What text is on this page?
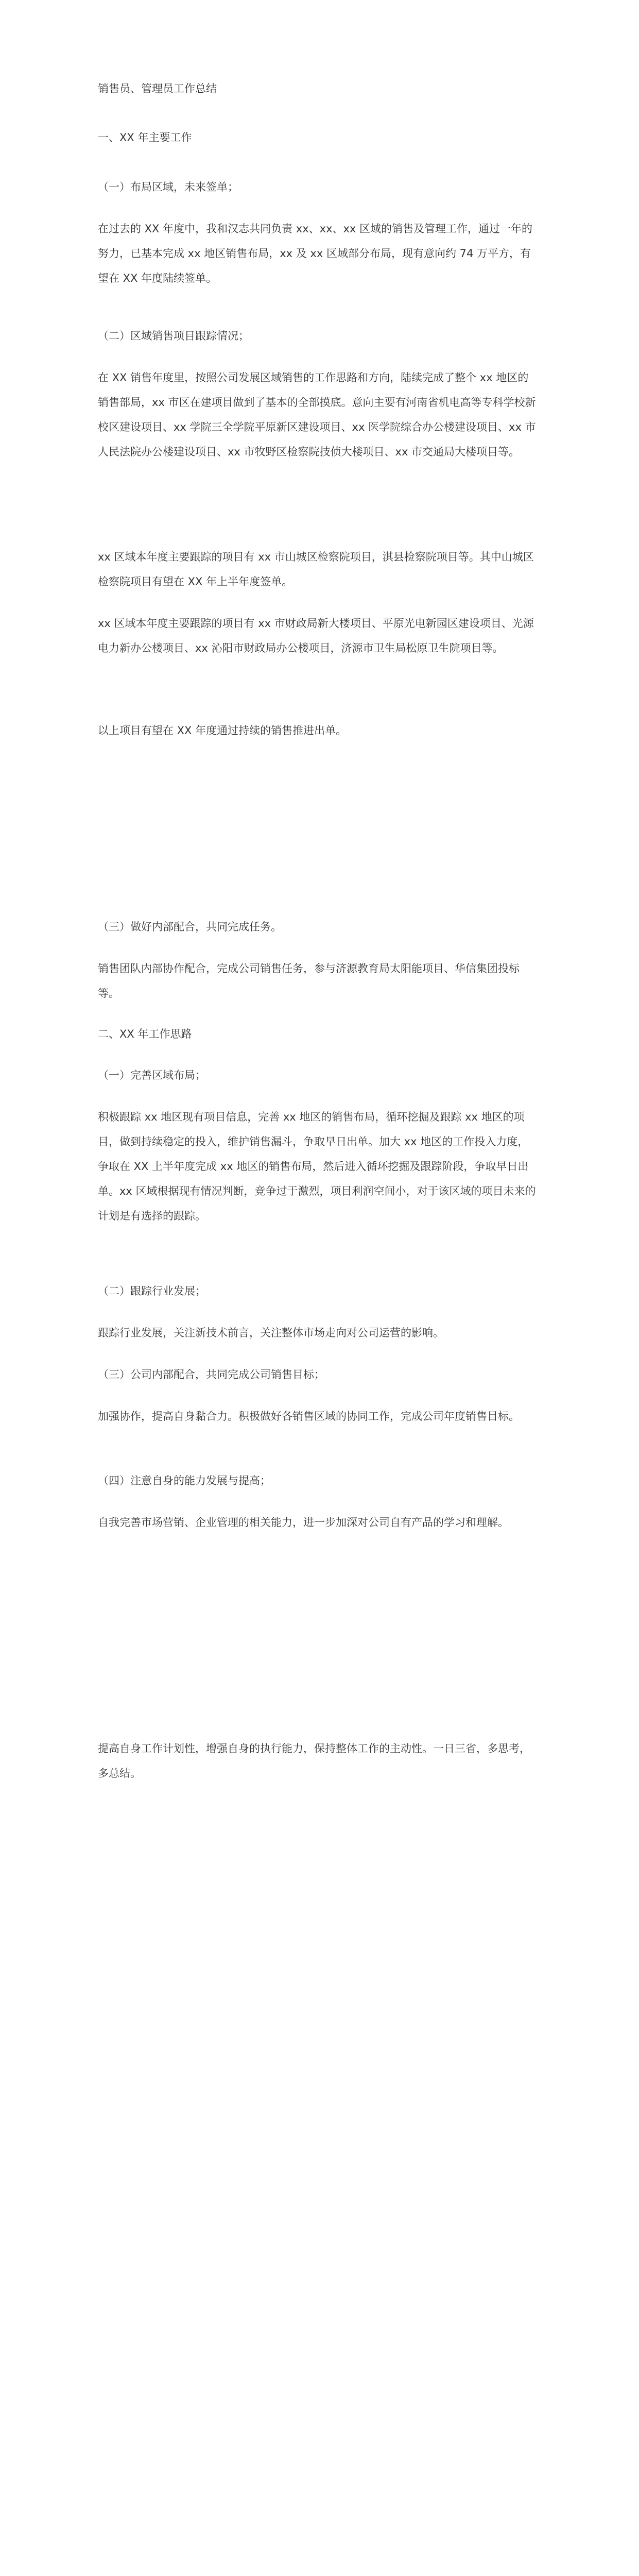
销售员、管理员工作总结

一、XX 年主要工作

（一）布局区域，未来签单；

在过去的 XX 年度中，我和汉志共同负责 xx、xx、xx 区域的销售及管理工作，通过一年的努力，已基本完成 xx 地区销售布局，xx 及 xx 区域部分布局，现有意向约 74 万平方，有望在 XX 年度陆续签单。

（二）区域销售项目跟踪情况；

在 XX 销售年度里，按照公司发展区域销售的工作思路和方向，陆续完成了整个 xx 地区的销售部局，xx 市区在建项目做到了基本的全部摸底。意向主要有河南省机电高等专科学校新校区建设项目、xx 学院三全学院平原新区建设项目、xx 医学院综合办公楼建设项目、xx 市人民法院办公楼建设项目、xx 市牧野区检察院技侦大楼项目、xx 市交通局大楼项目等。

xx 区域本年度主要跟踪的项目有 xx 市山城区检察院项目，淇县检察院项目等。其中山城区检察院项目有望在 XX 年上半年度签单。

xx 区域本年度主要跟踪的项目有 xx 市财政局新大楼项目、平原光电新园区建设项目、光源电力新办公楼项目、xx 沁阳市财政局办公楼项目，济源市卫生局松原卫生院项目等。

以上项目有望在 XX 年度通过持续的销售推进出单。

（三）做好内部配合，共同完成任务。

销售团队内部协作配合，完成公司销售任务，参与济源教育局太阳能项目、华信集团投标等。

二、XX 年工作思路

（一）完善区域布局；

积极跟踪 xx 地区现有项目信息，完善 xx 地区的销售布局，循环挖掘及跟踪 xx 地区的项目，做到持续稳定的投入，维护销售漏斗，争取早日出单。加大 xx 地区的工作投入力度，争取在 XX 上半年度完成 xx 地区的销售布局，然后进入循环挖掘及跟踪阶段，争取早日出单。xx 区域根据现有情况判断，竞争过于激烈，项目利润空间小，对于该区域的项目未来的计划是有选择的跟踪。

（二）跟踪行业发展；

跟踪行业发展，关注新技术前言，关注整体市场走向对公司运营的影响。

（三）公司内部配合，共同完成公司销售目标；

加强协作，提高自身黏合力。积极做好各销售区域的协同工作，完成公司年度销售目标。

（四）注意自身的能力发展与提高；

自我完善市场营销、企业管理的相关能力，进一步加深对公司自有产品的学习和理解。

提高自身工作计划性，增强自身的执行能力，保持整体工作的主动性。一日三省，多思考，多总结。
